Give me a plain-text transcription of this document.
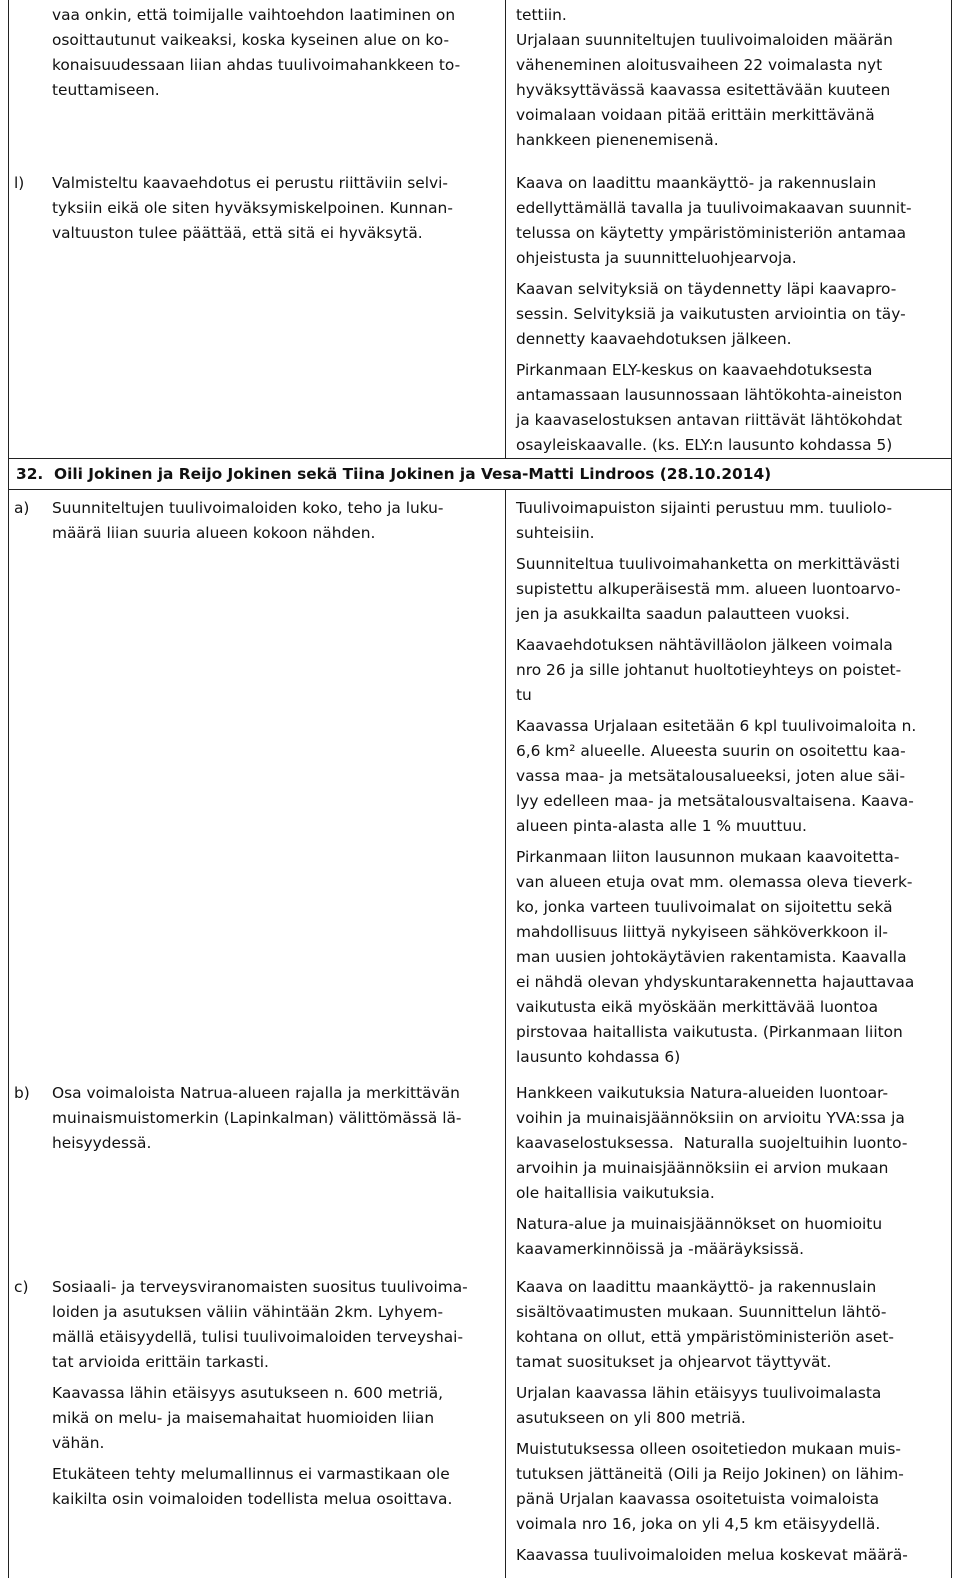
vaa onkin, että toimijalle vaihtoehdon laatiminen on

osoittautunut vaikeaksi, koska kyseinen alue on ko-

konaisuudessaan liian ahdas tuulivoimahankkeen to-

teuttamiseen.

tettiin.

Urjalaan suunniteltujen tuulivoimaloiden määrän

väheneminen aloitusvaiheen 22 voimalasta nyt

hyväksyttävässä kaavassa esitettävään kuuteen

voimalaan voidaan pitää erittäin merkittävänä

hankkeen pienenemisenä.

l) Valmisteltu kaavaehdotus ei perustu riittäviin selvi-

tyksiin eikä ole siten hyväksymiskelpoinen. Kunnan-

valtuuston tulee päättää, että sitä ei hyväksytä.

Kaava on laadittu maankäyttö- ja rakennuslain

edellyttämällä tavalla ja tuulivoimakaavan suunnit-

telussa on käytetty ympäristöministeriön antamaa

ohjeistusta ja suunnitteluohjearvoja.

Kaavan selvityksiä on täydennetty läpi kaavapro-

sessin. Selvityksiä ja vaikutusten arviointia on täy-

dennetty kaavaehdotuksen jälkeen.

Pirkanmaan ELY-keskus on kaavaehdotuksesta

antamassaan lausunnossaan lähtökohta-aineiston

ja kaavaselostuksen antavan riittävät lähtökohdat

osayleiskaavalle. (ks. ELY:n lausunto kohdassa 5)

32.  Oili Jokinen ja Reijo Jokinen sekä Tiina Jokinen ja Vesa-Matti Lindroos (28.10.2014)
a) Suunniteltujen tuulivoimaloiden koko, teho ja luku-

määrä liian suuria alueen kokoon nähden.

Tuulivoimapuiston sijainti perustuu mm. tuuliolo-

suhteisiin.

Suunniteltua tuulivoimahanketta on merkittävästi

supistettu alkuperäisestä mm. alueen luontoarvo-

jen ja asukkailta saadun palautteen vuoksi.

Kaavaehdotuksen nähtävilläolon jälkeen voimala

nro 26 ja sille johtanut huoltotieyhteys on poistet-

tu

Kaavassa Urjalaan esitetään 6 kpl tuulivoimaloita n.

6,6 km² alueelle. Alueesta suurin on osoitettu kaa-

vassa maa- ja metsätalousalueeksi, joten alue säi-

lyy edelleen maa- ja metsätalousvaltaisena. Kaava-

alueen pinta-alasta alle 1 % muuttuu.

Pirkanmaan liiton lausunnon mukaan kaavoitetta-

van alueen etuja ovat mm. olemassa oleva tieverk-

ko, jonka varteen tuulivoimalat on sijoitettu sekä

mahdollisuus liittyä nykyiseen sähköverkkoon il-

man uusien johtokäytävien rakentamista. Kaavalla

ei nähdä olevan yhdyskuntarakennetta hajauttavaa

vaikutusta eikä myöskään merkittävää luontoa

pirstovaa haitallista vaikutusta. (Pirkanmaan liiton

lausunto kohdassa 6)

b) Osa voimaloista Natrua-alueen rajalla ja merkittävän

muinaismuistomerkin (Lapinkalman) välittömässä lä-

heisyydessä.

Hankkeen vaikutuksia Natura-alueiden luontoar-

voihin ja muinaisjäännöksiin on arvioitu YVA:ssa ja

kaavaselostuksessa.  Naturalla suojeltuihin luonto-

arvoihin ja muinaisjäännöksiin ei arvion mukaan

ole haitallisia vaikutuksia.

Natura-alue ja muinaisjäännökset on huomioitu

kaavamerkinnöissä ja -määräyksissä.

c) Sosiaali- ja terveysviranomaisten suositus tuulivoima-

loiden ja asutuksen väliin vähintään 2km. Lyhyem-

mällä etäisyydellä, tulisi tuulivoimaloiden terveyshai-

tat arvioida erittäin tarkasti.

Kaavassa lähin etäisyys asutukseen n. 600 metriä,

mikä on melu- ja maisemahaitat huomioiden liian

vähän.

Etukäteen tehty melumallinnus ei varmastikaan ole

kaikilta osin voimaloiden todellista melua osoittava.

Kaava on laadittu maankäyttö- ja rakennuslain

sisältövaatimusten mukaan. Suunnittelun lähtö-

kohtana on ollut, että ympäristöministeriön aset-

tamat suositukset ja ohjearvot täyttyvät.

Urjalan kaavassa lähin etäisyys tuulivoimalasta

asutukseen on yli 800 metriä.

Muistutuksessa olleen osoitetiedon mukaan muis-

tutuksen jättäneitä (Oili ja Reijo Jokinen) on lähim-

pänä Urjalan kaavassa osoitetuista voimaloista

voimala nro 16, joka on yli 4,5 km etäisyydellä.

Kaavassa tuulivoimaloiden melua koskevat määrä-
